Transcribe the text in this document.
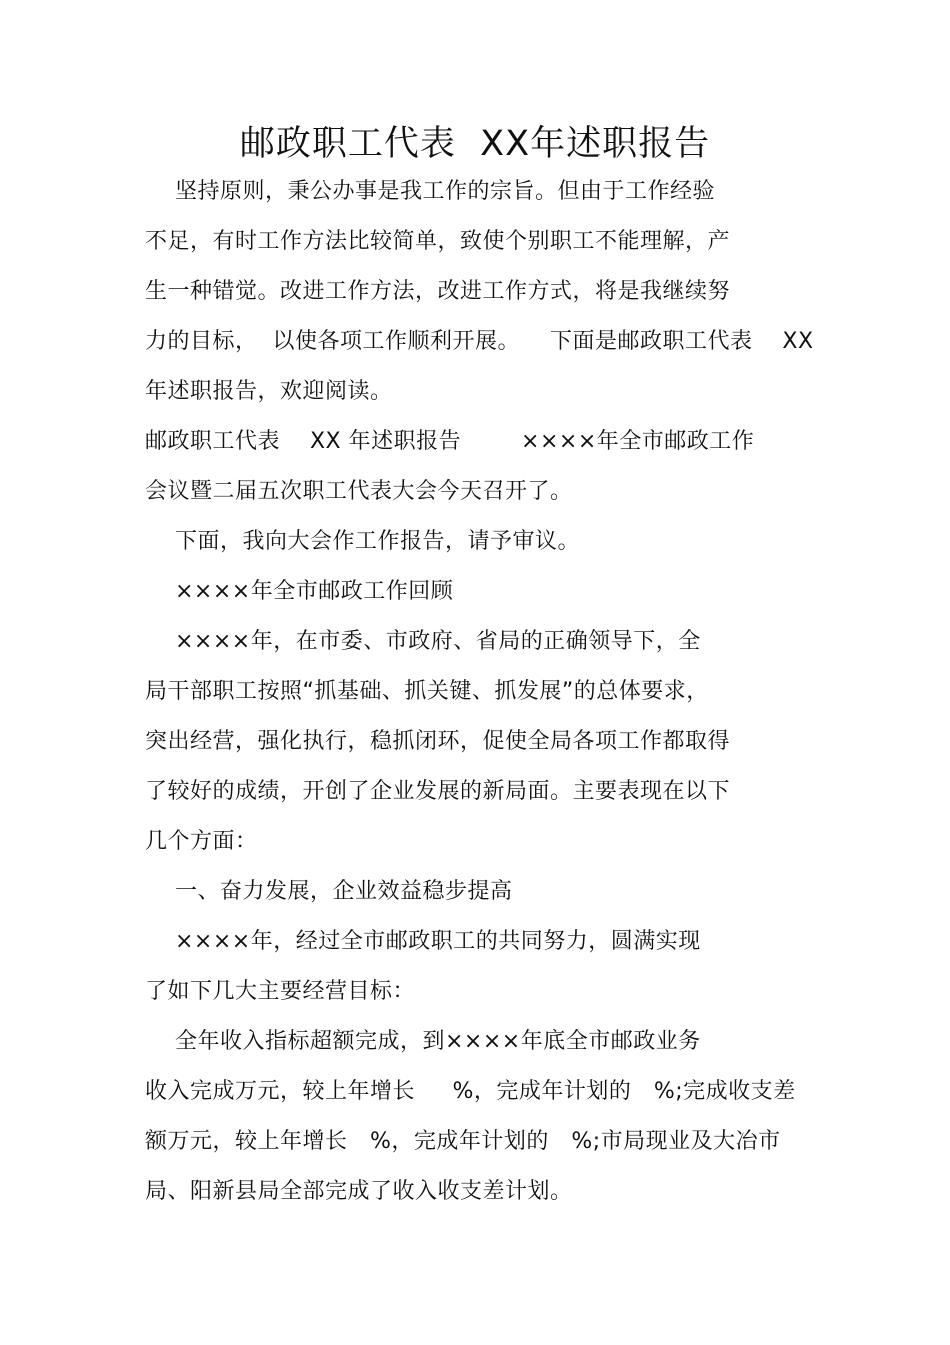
邮政职工代表  XX年述职报告
坚持原则，秉公办事是我工作的宗旨。但由于工作经验
不足，有时工作方法比较简单，致使个别职工不能理解，产
生一种错觉。改进工作方法，改进工作方式，将是我继续努
力的目标，  以使各项工作顺利开展。    下面是邮政职工代表    XX
年述职报告，欢迎阅读。
邮政职工代表    XX 年述职报告        ××××年全市邮政工作
会议暨二届五次职工代表大会今天召开了。
下面，我向大会作工作报告，请予审议。
××××年全市邮政工作回顾
××××年，在市委、市政府、省局的正确领导下，全
局干部职工按照“抓基础、抓关键、抓发展”的总体要求，
突出经营，强化执行，稳抓闭环，促使全局各项工作都取得
了较好的成绩，开创了企业发展的新局面。主要表现在以下
几个方面：
一、奋力发展，企业效益稳步提高
××××年，经过全市邮政职工的共同努力，圆满实现
了如下几大主要经营目标：
全年收入指标超额完成，到××××年底全市邮政业务
收入完成万元，较上年增长     %，完成年计划的   %;完成收支差
额万元，较上年增长   %，完成年计划的   %;市局现业及大冶市
局、阳新县局全部完成了收入收支差计划。
